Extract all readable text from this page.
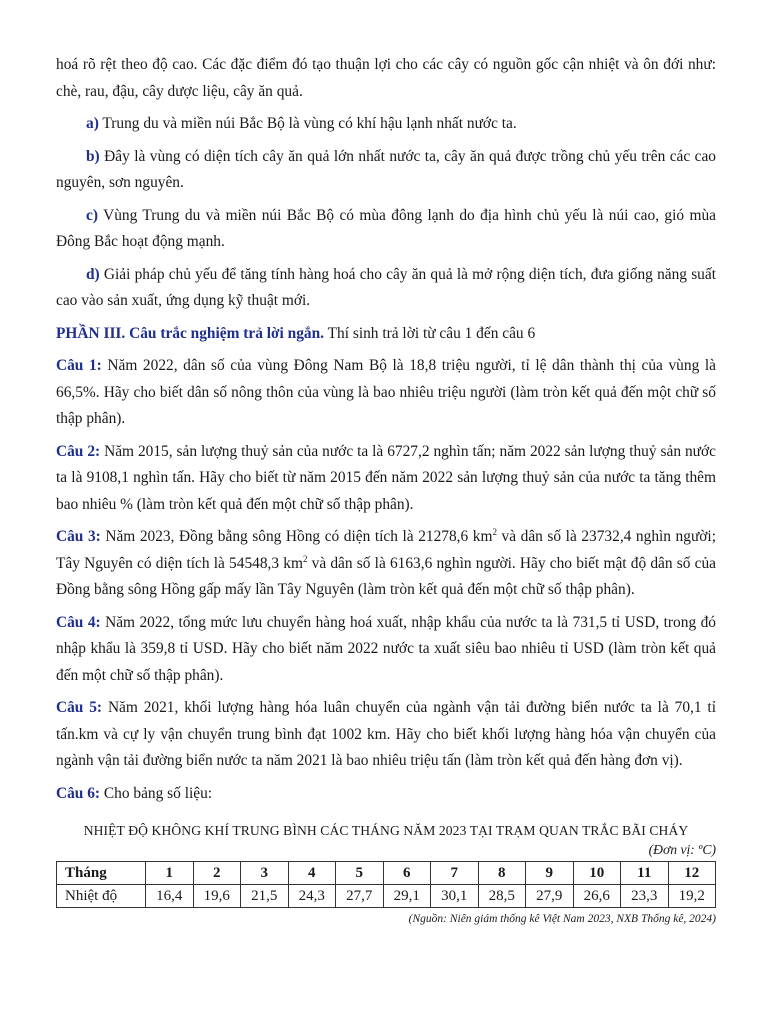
hoá rõ rệt theo độ cao. Các đặc điểm đó tạo thuận lợi cho các cây có nguồn gốc cận nhiệt và ôn đới như: chè, rau, đậu, cây dược liệu, cây ăn quả.

a) Trung du và miền núi Bắc Bộ là vùng có khí hậu lạnh nhất nước ta.

b) Đây là vùng có diện tích cây ăn quả lớn nhất nước ta, cây ăn quả được trồng chủ yếu trên các cao nguyên, sơn nguyên.

c) Vùng Trung du và miền núi Bắc Bộ có mùa đông lạnh do địa hình chủ yếu là núi cao, gió mùa Đông Bắc hoạt động mạnh.

d) Giải pháp chủ yếu để tăng tính hàng hoá cho cây ăn quả là mở rộng diện tích, đưa giống năng suất cao vào sản xuất, ứng dụng kỹ thuật mới.

PHẦN III. Câu trắc nghiệm trả lời ngắn. Thí sinh trả lời từ câu 1 đến câu 6

Câu 1: Năm 2022, dân số của vùng Đông Nam Bộ là 18,8 triệu người, tỉ lệ dân thành thị của vùng là 66,5%. Hãy cho biết dân số nông thôn của vùng là bao nhiêu triệu người (làm tròn kết quả đến một chữ số thập phân).

Câu 2: Năm 2015, sản lượng thuỷ sản của nước ta là 6727,2 nghìn tấn; năm 2022 sản lượng thuỷ sản nước ta là 9108,1 nghìn tấn. Hãy cho biết từ năm 2015 đến năm 2022 sản lượng thuỷ sản của nước ta tăng thêm bao nhiêu % (làm tròn kết quả đến một chữ số thập phân).

Câu 3: Năm 2023, Đồng bằng sông Hồng có diện tích là 21278,6 $km^2$ và dân số là 23732,4 nghìn người; Tây Nguyên có diện tích là 54548,3 $km^2$ và dân số là 6163,6 nghìn người. Hãy cho biết mật độ dân số của Đồng bằng sông Hồng gấp mấy lần Tây Nguyên (làm tròn kết quả đến một chữ số thập phân).

Câu 4: Năm 2022, tổng mức lưu chuyển hàng hoá xuất, nhập khẩu của nước ta là 731,5 tỉ USD, trong đó nhập khẩu là 359,8 tỉ USD. Hãy cho biết năm 2022 nước ta xuất siêu bao nhiêu tỉ USD (làm tròn kết quả đến một chữ số thập phân).

Câu 5: Năm 2021, khối lượng hàng hóa luân chuyển của ngành vận tải đường biển nước ta là 70,1 tỉ tấn.km và cự ly vận chuyển trung bình đạt 1002 km. Hãy cho biết khối lượng hàng hóa vận chuyển của ngành vận tải đường biển nước ta năm 2021 là bao nhiêu triệu tấn (làm tròn kết quả đến hàng đơn vị).

Câu 6: Cho bảng số liệu:

NHIỆT ĐỘ KHÔNG KHÍ TRUNG BÌNH CÁC THÁNG NĂM 2023 TẠI TRẠM QUAN TRẮC BÃI CHÁY
(Đơn vị: ºC)
Tháng	1	2	3	4	5	6	7	8	9	10	11	12
Nhiệt độ	16,4	19,6	21,5	24,3	27,7	29,1	30,1	28,5	27,9	26,6	23,3	19,2
(Nguồn: Niên giám thống kê Việt Nam 2023, NXB Thống kê, 2024)
